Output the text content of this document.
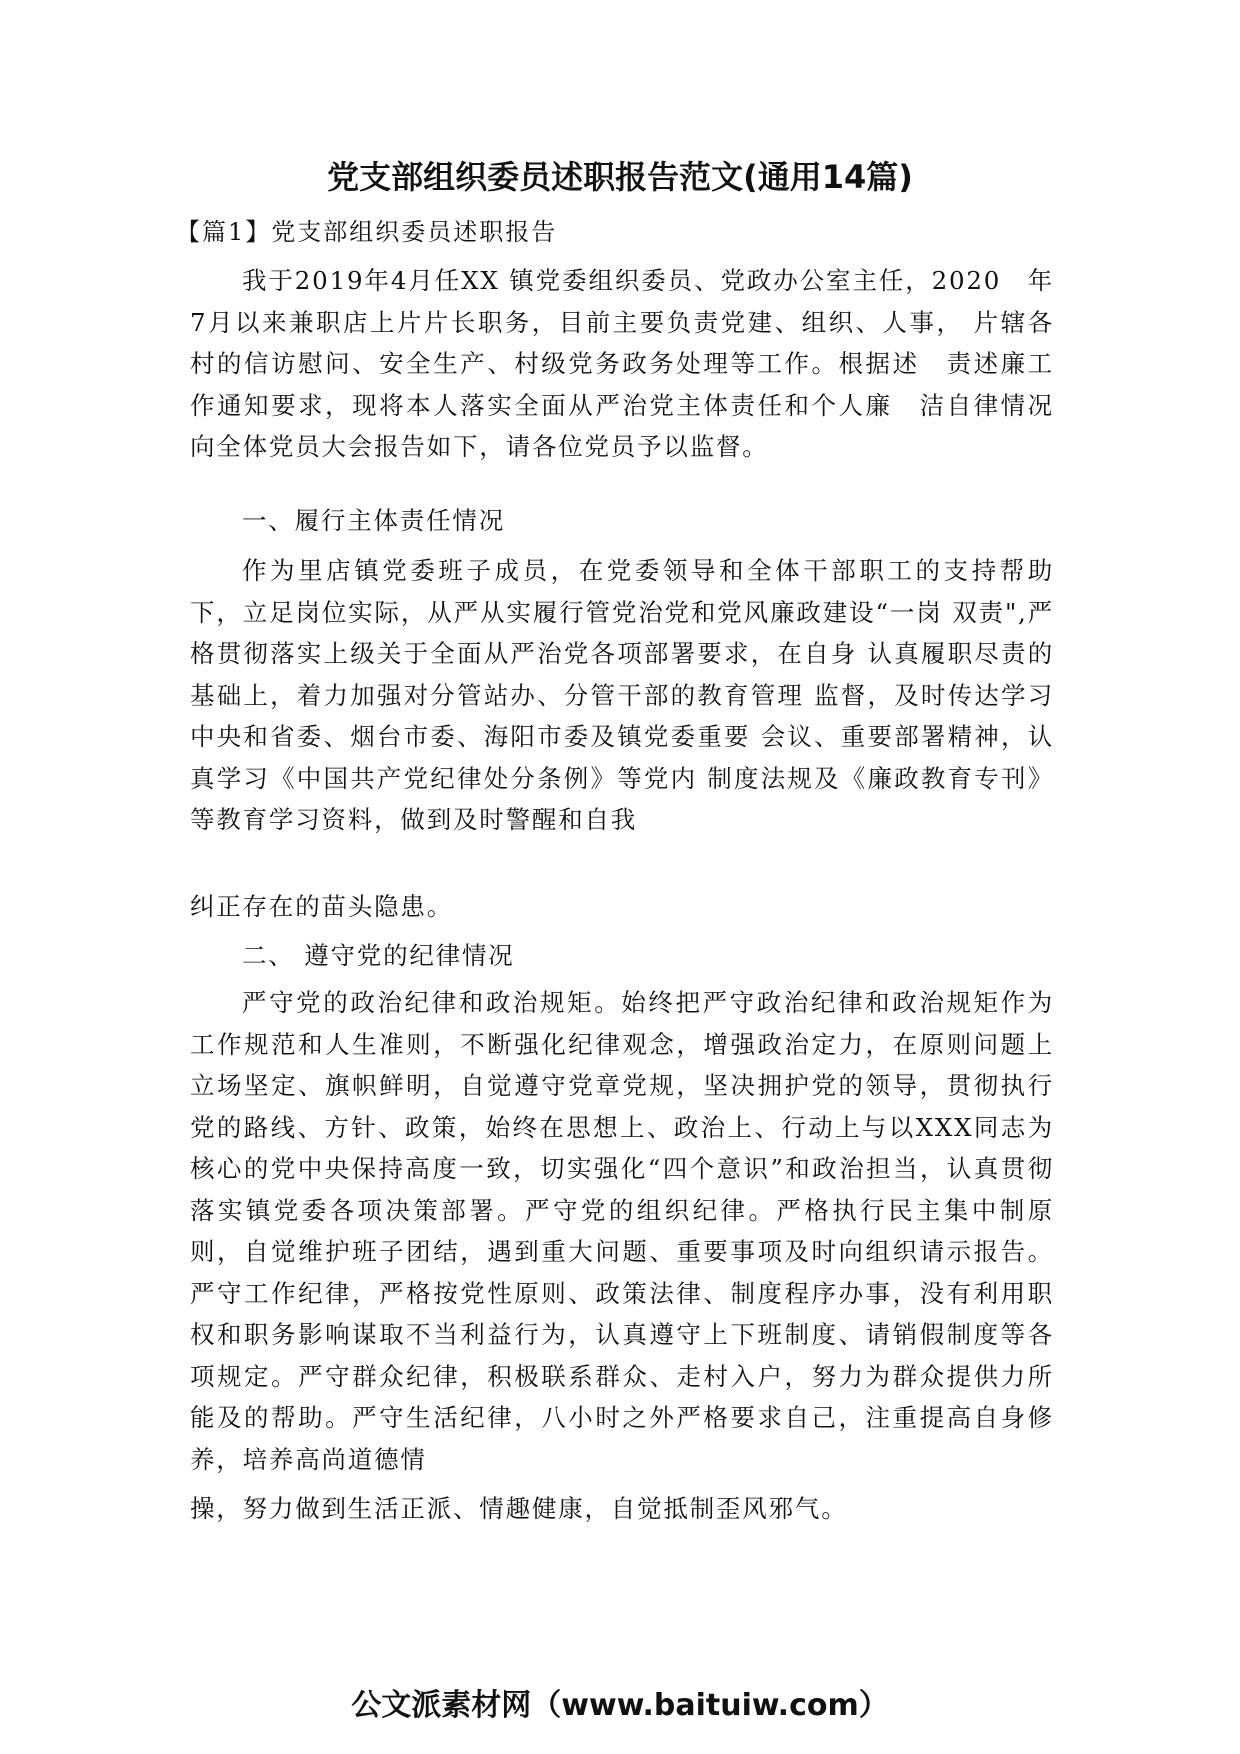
党支部组织委员述职报告范文(通用14篇)

【篇1】党支部组织委员述职报告

我于2019年4月任XX 镇党委组织委员、党政办公室主任，2020　年7月以来兼职店上片片长职务，目前主要负责党建、组织、人事， 片辖各村的信访慰问、安全生产、村级党务政务处理等工作。根据述　责述廉工作通知要求，现将本人落实全面从严治党主体责任和个人廉　洁自律情况向全体党员大会报告如下，请各位党员予以监督。

一、履行主体责任情况

作为里店镇党委班子成员，在党委领导和全体干部职工的支持帮助下，立足岗位实际，从严从实履行管党治党和党风廉政建设“一岗 双责",严格贯彻落实上级关于全面从严治党各项部署要求，在自身 认真履职尽责的基础上，着力加强对分管站办、分管干部的教育管理 监督，及时传达学习中央和省委、烟台市委、海阳市委及镇党委重要 会议、重要部署精神，认真学习《中国共产党纪律处分条例》等党内 制度法规及《廉政教育专刊》等教育学习资料，做到及时警醒和自我

纠正存在的苗头隐患。

二、 遵守党的纪律情况

严守党的政治纪律和政治规矩。始终把严守政治纪律和政治规矩作为工作规范和人生准则，不断强化纪律观念，增强政治定力，在原则问题上立场坚定、旗帜鲜明，自觉遵守党章党规，坚决拥护党的领导，贯彻执行党的路线、方针、政策，始终在思想上、政治上、行动上与以XXX同志为核心的党中央保持高度一致，切实强化“四个意识”和政治担当，认真贯彻落实镇党委各项决策部署。严守党的组织纪律。严格执行民主集中制原则，自觉维护班子团结，遇到重大问题、重要事项及时向组织请示报告。严守工作纪律，严格按党性原则、政策法律、制度程序办事，没有利用职权和职务影响谋取不当利益行为，认真遵守上下班制度、请销假制度等各项规定。严守群众纪律，积极联系群众、走村入户，努力为群众提供力所能及的帮助。严守生活纪律，八小时之外严格要求自己，注重提高自身修养，培养高尚道德情

操，努力做到生活正派、情趣健康，自觉抵制歪风邪气。

公文派素材网（www.baituiw.com）
